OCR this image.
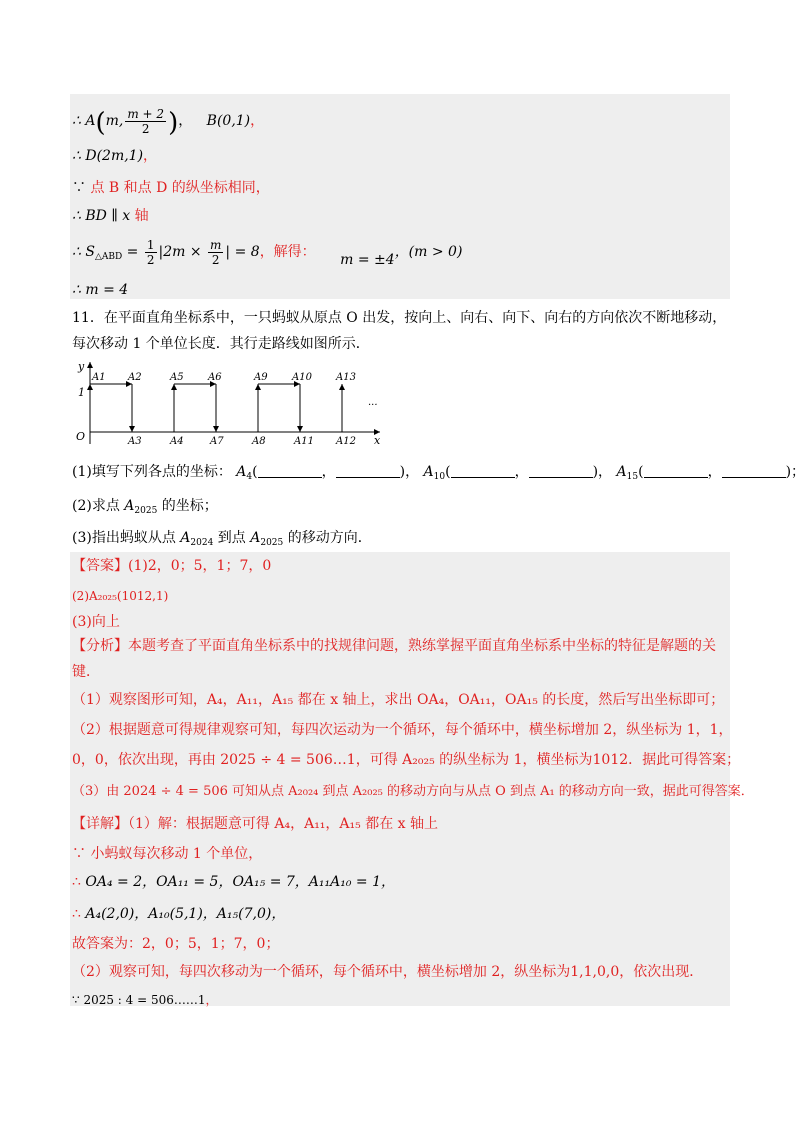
∴ A(m, $\frac{m + 2}{2}$ )， B(0,1)，
∴ D(2m,1)，
∵ 点 B 和点 D 的纵坐标相同，
∴ BD ∥ x 轴
∴ $S_{\triangle ABD} = \frac{1}{2} |2m \times \frac{m}{2}$ | = 8，解得： m = ±4，(m > 0)
∴ m = 4
11．在平面直角坐标系中，一只蚂蚁从原点 O 出发，按向上、向右、向下、向右的方向依次不断地移动，
每次移动 1 个单位长度．其行走路线如图所示．
y
x
O
1
···
A1 A2	A5 A6	A9 A10 A13
A3	A4	A7	A8	A11 A12
(1)填写下列各点的坐标： $A_4$(	，	)， $A_{10}$(	，	)， $A_{15}$(	，	)；
(2)求点 $A_{2025}$ 的坐标；
(3)指出蚂蚁从点 $A_{2024}$ 到点 $A_{2025}$ 的移动方向．
【答案】(1)2，0；5，1；7，0
(2)A₂₀₂₅(1012,1)
(3)向上
【分析】本题考查了平面直角坐标系中的找规律问题，熟练掌握平面直角坐标系中坐标的特征是解题的关
键．
（1）观察图形可知，A₄，A₁₁，A₁₅ 都在 x 轴上，求出 OA₄，OA₁₁，OA₁₅ 的长度，然后写出坐标即可；
（2）根据题意可得规律观察可知，每四次运动为一个循环，每个循环中，横坐标增加 2，纵坐标为 1，1，
0，0，依次出现，再由 2025 ÷ 4 = 506…1，可得 A₂₀₂₅ 的纵坐标为 1，横坐标为1012．据此可得答案；
（3）由 2024 ÷ 4 = 506 可知从点 A₂₀₂₄ 到点 A₂₀₂₅ 的移动方向与从点 O 到点 A₁ 的移动方向一致，据此可得答案．
【详解】（1）解：根据题意可得 A₄，A₁₁，A₁₅ 都在 x 轴上
∵ 小蚂蚁每次移动 1 个单位，
∴ OA₄ = 2，OA₁₁ = 5，OA₁₅ = 7，A₁₁A₁₀ = 1，
∴ A₄(2,0)，A₁₀(5,1)，A₁₅(7,0)，
故答案为：2，0；5，1；7，0；
（2）观察可知，每四次移动为一个循环，每个循环中，横坐标增加 2，纵坐标为1,1,0,0，依次出现．
∵ 2025 : 4 = 506……1，
